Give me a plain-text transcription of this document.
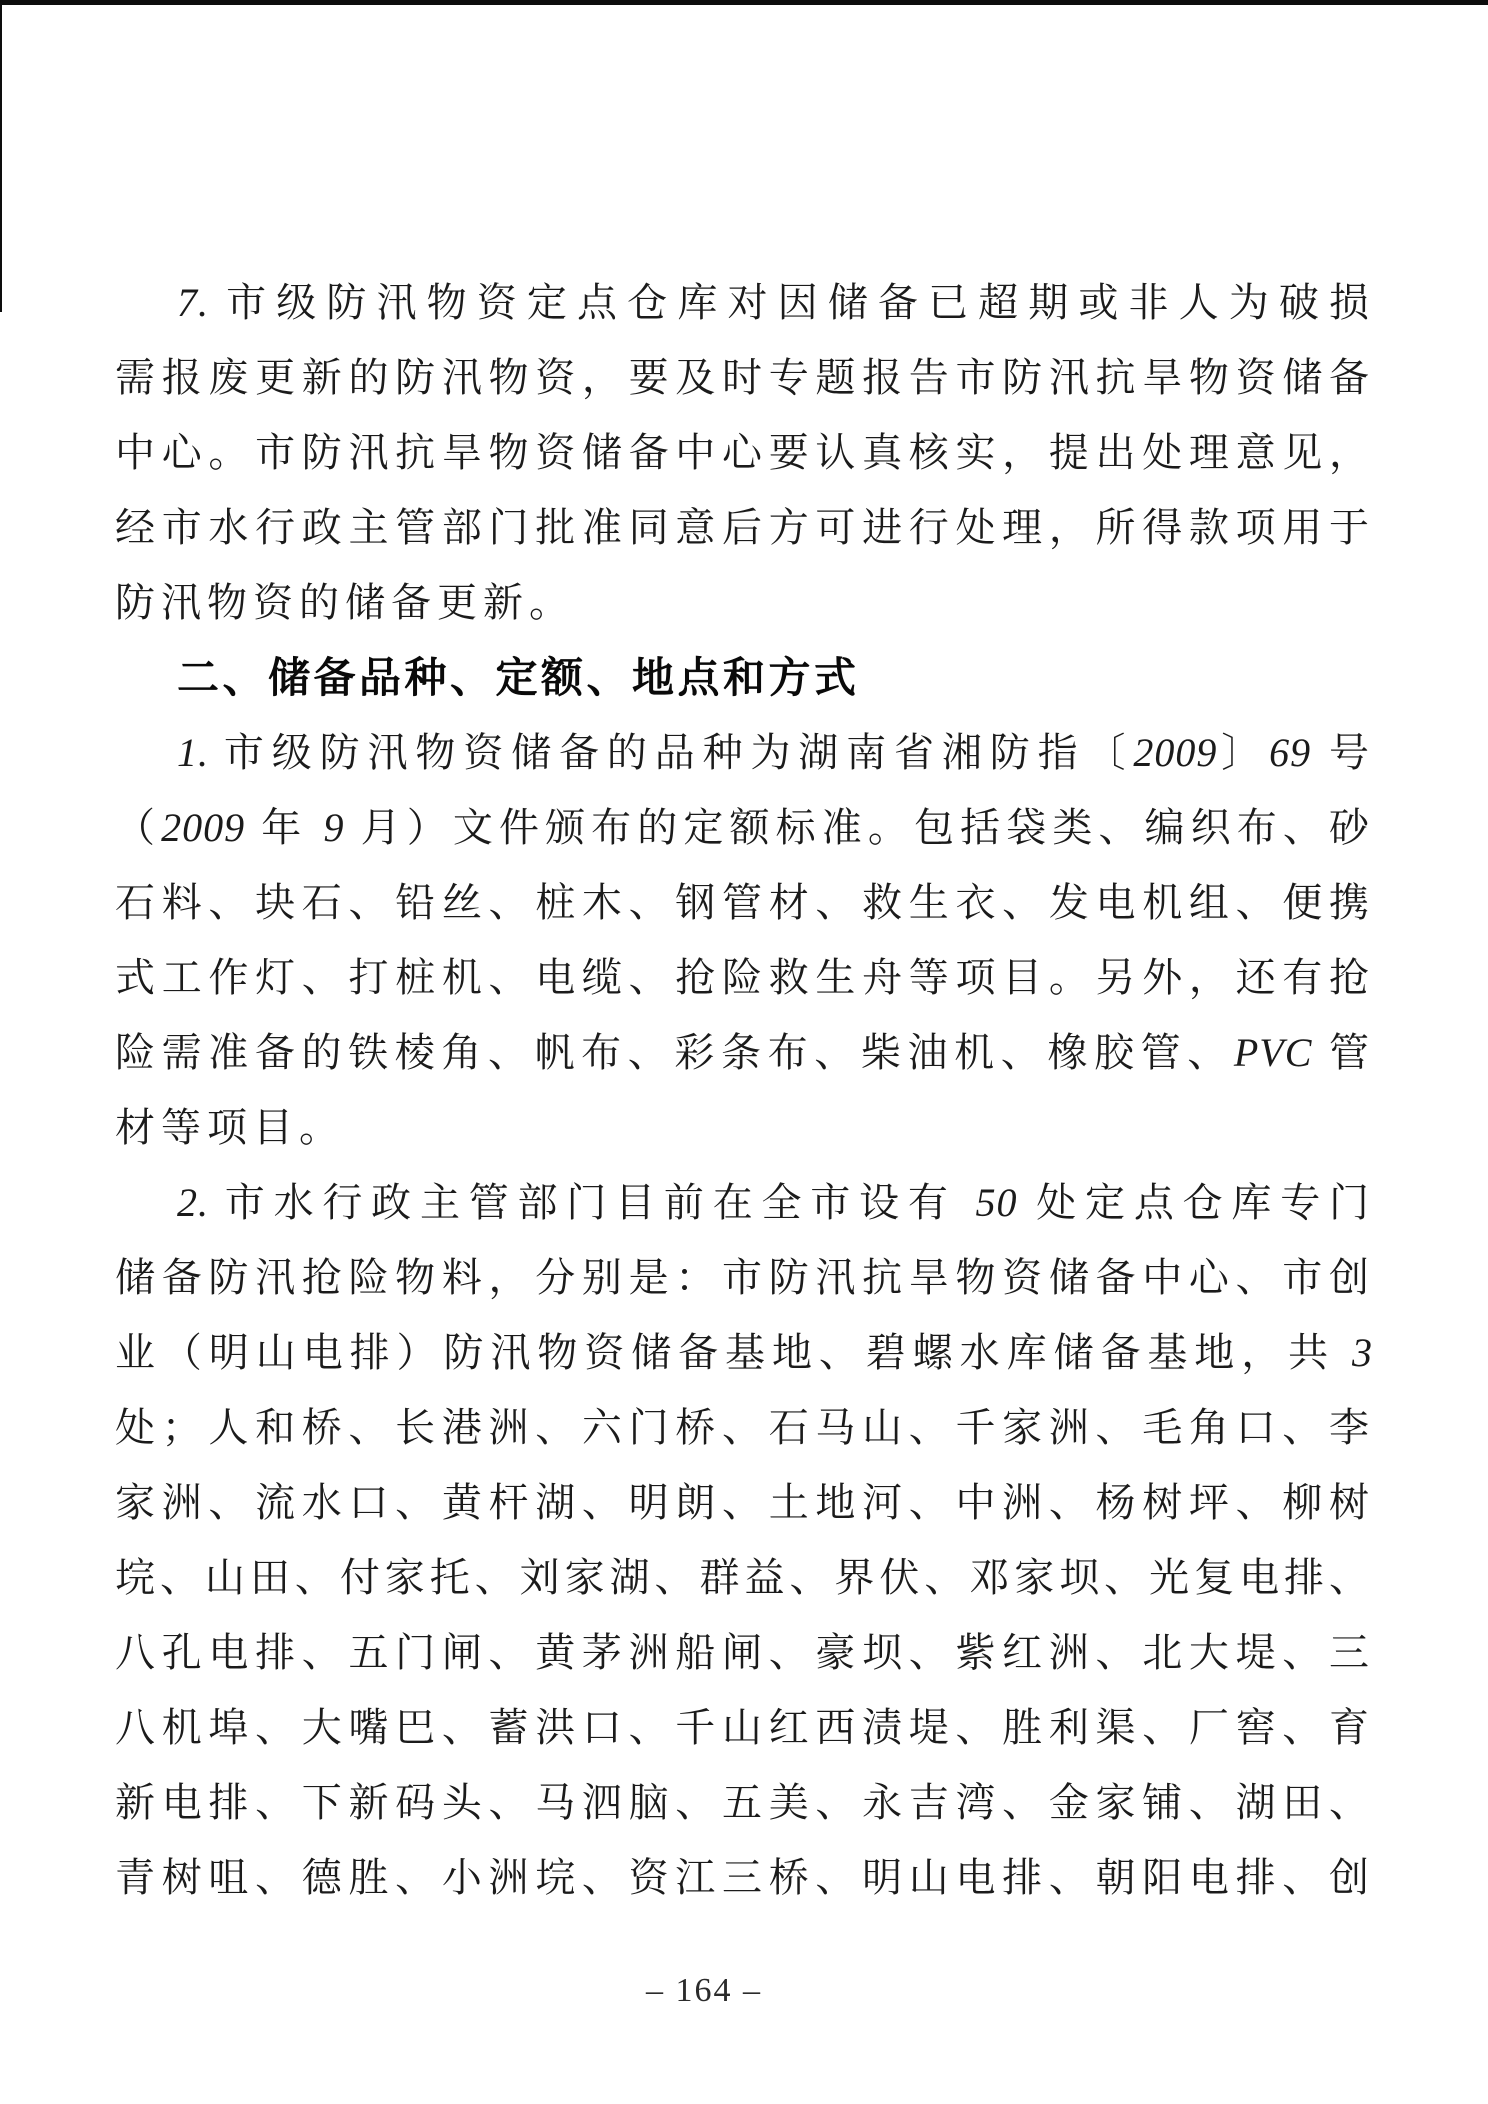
7. 市级防汛物资定点仓库对因储备已超期或非人为破损
需报废更新的防汛物资，要及时专题报告市防汛抗旱物资储备
中心。市防汛抗旱物资储备中心要认真核实，提出处理意见，
经市水行政主管部门批准同意后方可进行处理，所得款项用于
防汛物资的储备更新。
二、储备品种、定额、地点和方式
1. 市级防汛物资储备的品种为湖南省湘防指〔2009〕69 号
（2009 年 9 月）文件颁布的定额标准。包括袋类、编织布、砂
石料、块石、铅丝、桩木、钢管材、救生衣、发电机组、便携
式工作灯、打桩机、电缆、抢险救生舟等项目。另外，还有抢
险需准备的铁棱角、帆布、彩条布、柴油机、橡胶管、PVC 管
材等项目。
2. 市水行政主管部门目前在全市设有 50 处定点仓库专门
储备防汛抢险物料，分别是：市防汛抗旱物资储备中心、市创
业（明山电排）防汛物资储备基地、碧螺水库储备基地，共 3
处；人和桥、长港洲、六门桥、石马山、千家洲、毛角口、李
家洲、流水口、黄杆湖、明朗、土地河、中洲、杨树坪、柳树
垸、山田、付家托、刘家湖、群益、界伏、邓家坝、光复电排、
八孔电排、五门闸、黄茅洲船闸、豪坝、紫红洲、北大堤、三
八机埠、大嘴巴、蓄洪口、千山红西渍堤、胜利渠、厂窖、育
新电排、下新码头、马泗脑、五美、永吉湾、金家铺、湖田、
青树咀、德胜、小洲垸、资江三桥、明山电排、朝阳电排、创
– 164 –
